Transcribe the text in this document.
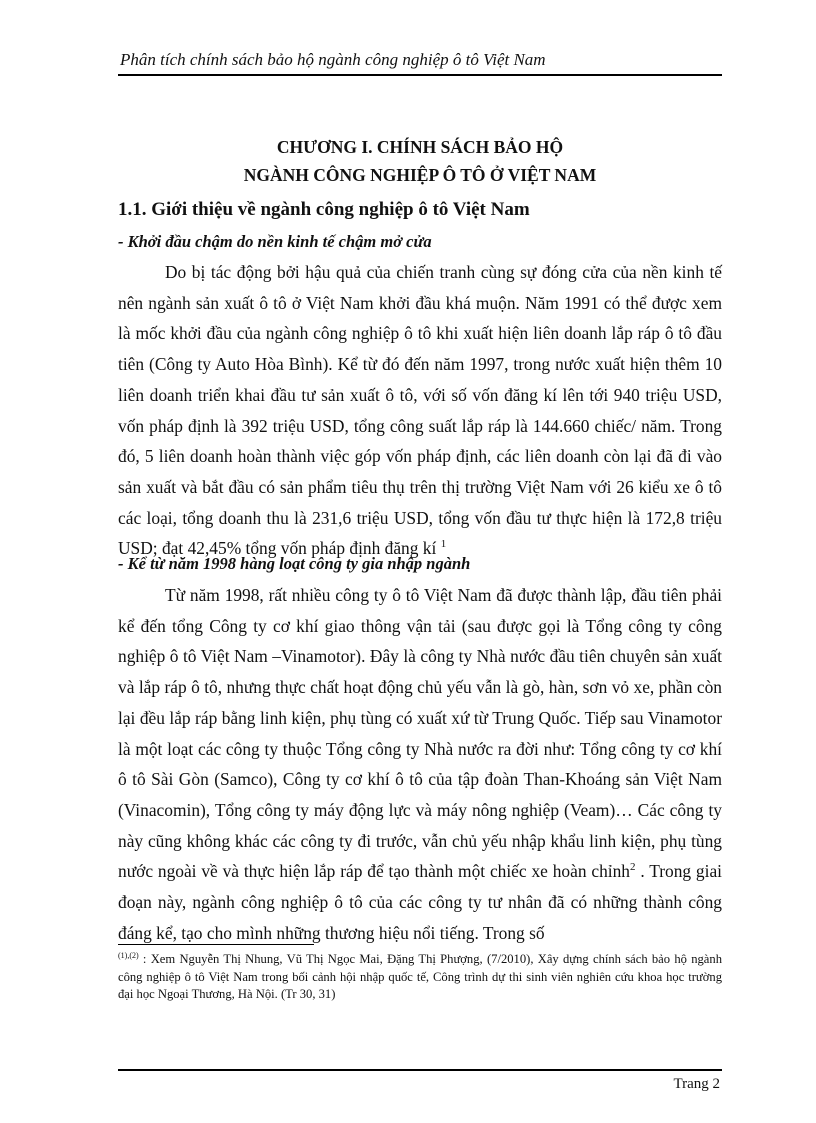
Phân tích chính sách bảo hộ ngành công nghiệp ô tô Việt Nam
CHƯƠNG I. CHÍNH SÁCH BẢO HỘ
NGÀNH CÔNG NGHIỆP Ô TÔ Ở VIỆT NAM
1.1. Giới thiệu về ngành công nghiệp ô tô Việt Nam
- Khởi đầu chậm do nền kinh tế chậm mở cửa

Do bị tác động bởi hậu quả của chiến tranh cùng sự đóng cửa của nền kinh tế nên ngành sản xuất ô tô ở Việt Nam khởi đầu khá muộn. Năm 1991 có thể được xem là mốc khởi đầu của ngành công nghiệp ô tô khi xuất hiện liên doanh lắp ráp ô tô đầu tiên (Công ty Auto Hòa Bình). Kể từ đó đến năm 1997, trong nước xuất hiện thêm 10 liên doanh triển khai đầu tư sản xuất ô tô, với số vốn đăng kí lên tới 940 triệu USD, vốn pháp định là 392 triệu USD, tổng công suất lắp ráp là 144.660 chiếc/ năm. Trong đó, 5 liên doanh hoàn thành việc góp vốn pháp định, các liên doanh còn lại đã đi vào sản xuất và bắt đầu có sản phẩm tiêu thụ trên thị trường Việt Nam với 26 kiểu xe ô tô các loại, tổng doanh thu là 231,6 triệu USD, tổng vốn đầu tư thực hiện là 172,8 triệu USD; đạt 42,45% tổng vốn pháp định đăng kí $^1$

- Kể từ năm 1998 hàng loạt công ty gia nhập ngành

Từ năm 1998, rất nhiều công ty ô tô Việt Nam đã được thành lập, đầu tiên phải kể đến tổng Công ty cơ khí giao thông vận tải (sau được gọi là Tổng công ty công nghiệp ô tô Việt Nam –Vinamotor). Đây là công ty Nhà nước đầu tiên chuyên sản xuất và lắp ráp ô tô, nhưng thực chất hoạt động chủ yếu vẫn là gò, hàn, sơn vỏ xe, phần còn lại đều lắp ráp bằng linh kiện, phụ tùng có xuất xứ từ Trung Quốc. Tiếp sau Vinamotor là một loạt các công ty thuộc Tổng công ty Nhà nước ra đời như: Tổng công ty cơ khí ô tô Sài Gòn (Samco), Công ty cơ khí ô tô của tập đoàn Than-Khoáng sản Việt Nam (Vinacomin), Tổng công ty máy động lực và máy nông nghiệp (Veam)… Các công ty này cũng không khác các công ty đi trước, vẫn chủ yếu nhập khẩu linh kiện, phụ tùng nước ngoài về và thực hiện lắp ráp để tạo thành một chiếc xe hoàn chỉnh$^2$ . Trong giai đoạn này, ngành công nghiệp ô tô của các công ty tư nhân đã có những thành công đáng kể, tạo cho mình những thương hiệu nổi tiếng. Trong số

$^{(1),(2)}$ : Xem Nguyễn Thị Nhung, Vũ Thị Ngọc Mai, Đặng Thị Phượng, (7/2010), Xây dựng chính sách bảo hộ ngành công nghiệp ô tô Việt Nam trong bối cảnh hội nhập quốc tế, Công trình dự thi sinh viên nghiên cứu khoa học trường đại học Ngoại Thương, Hà Nội. (Tr 30, 31)
Trang 2
